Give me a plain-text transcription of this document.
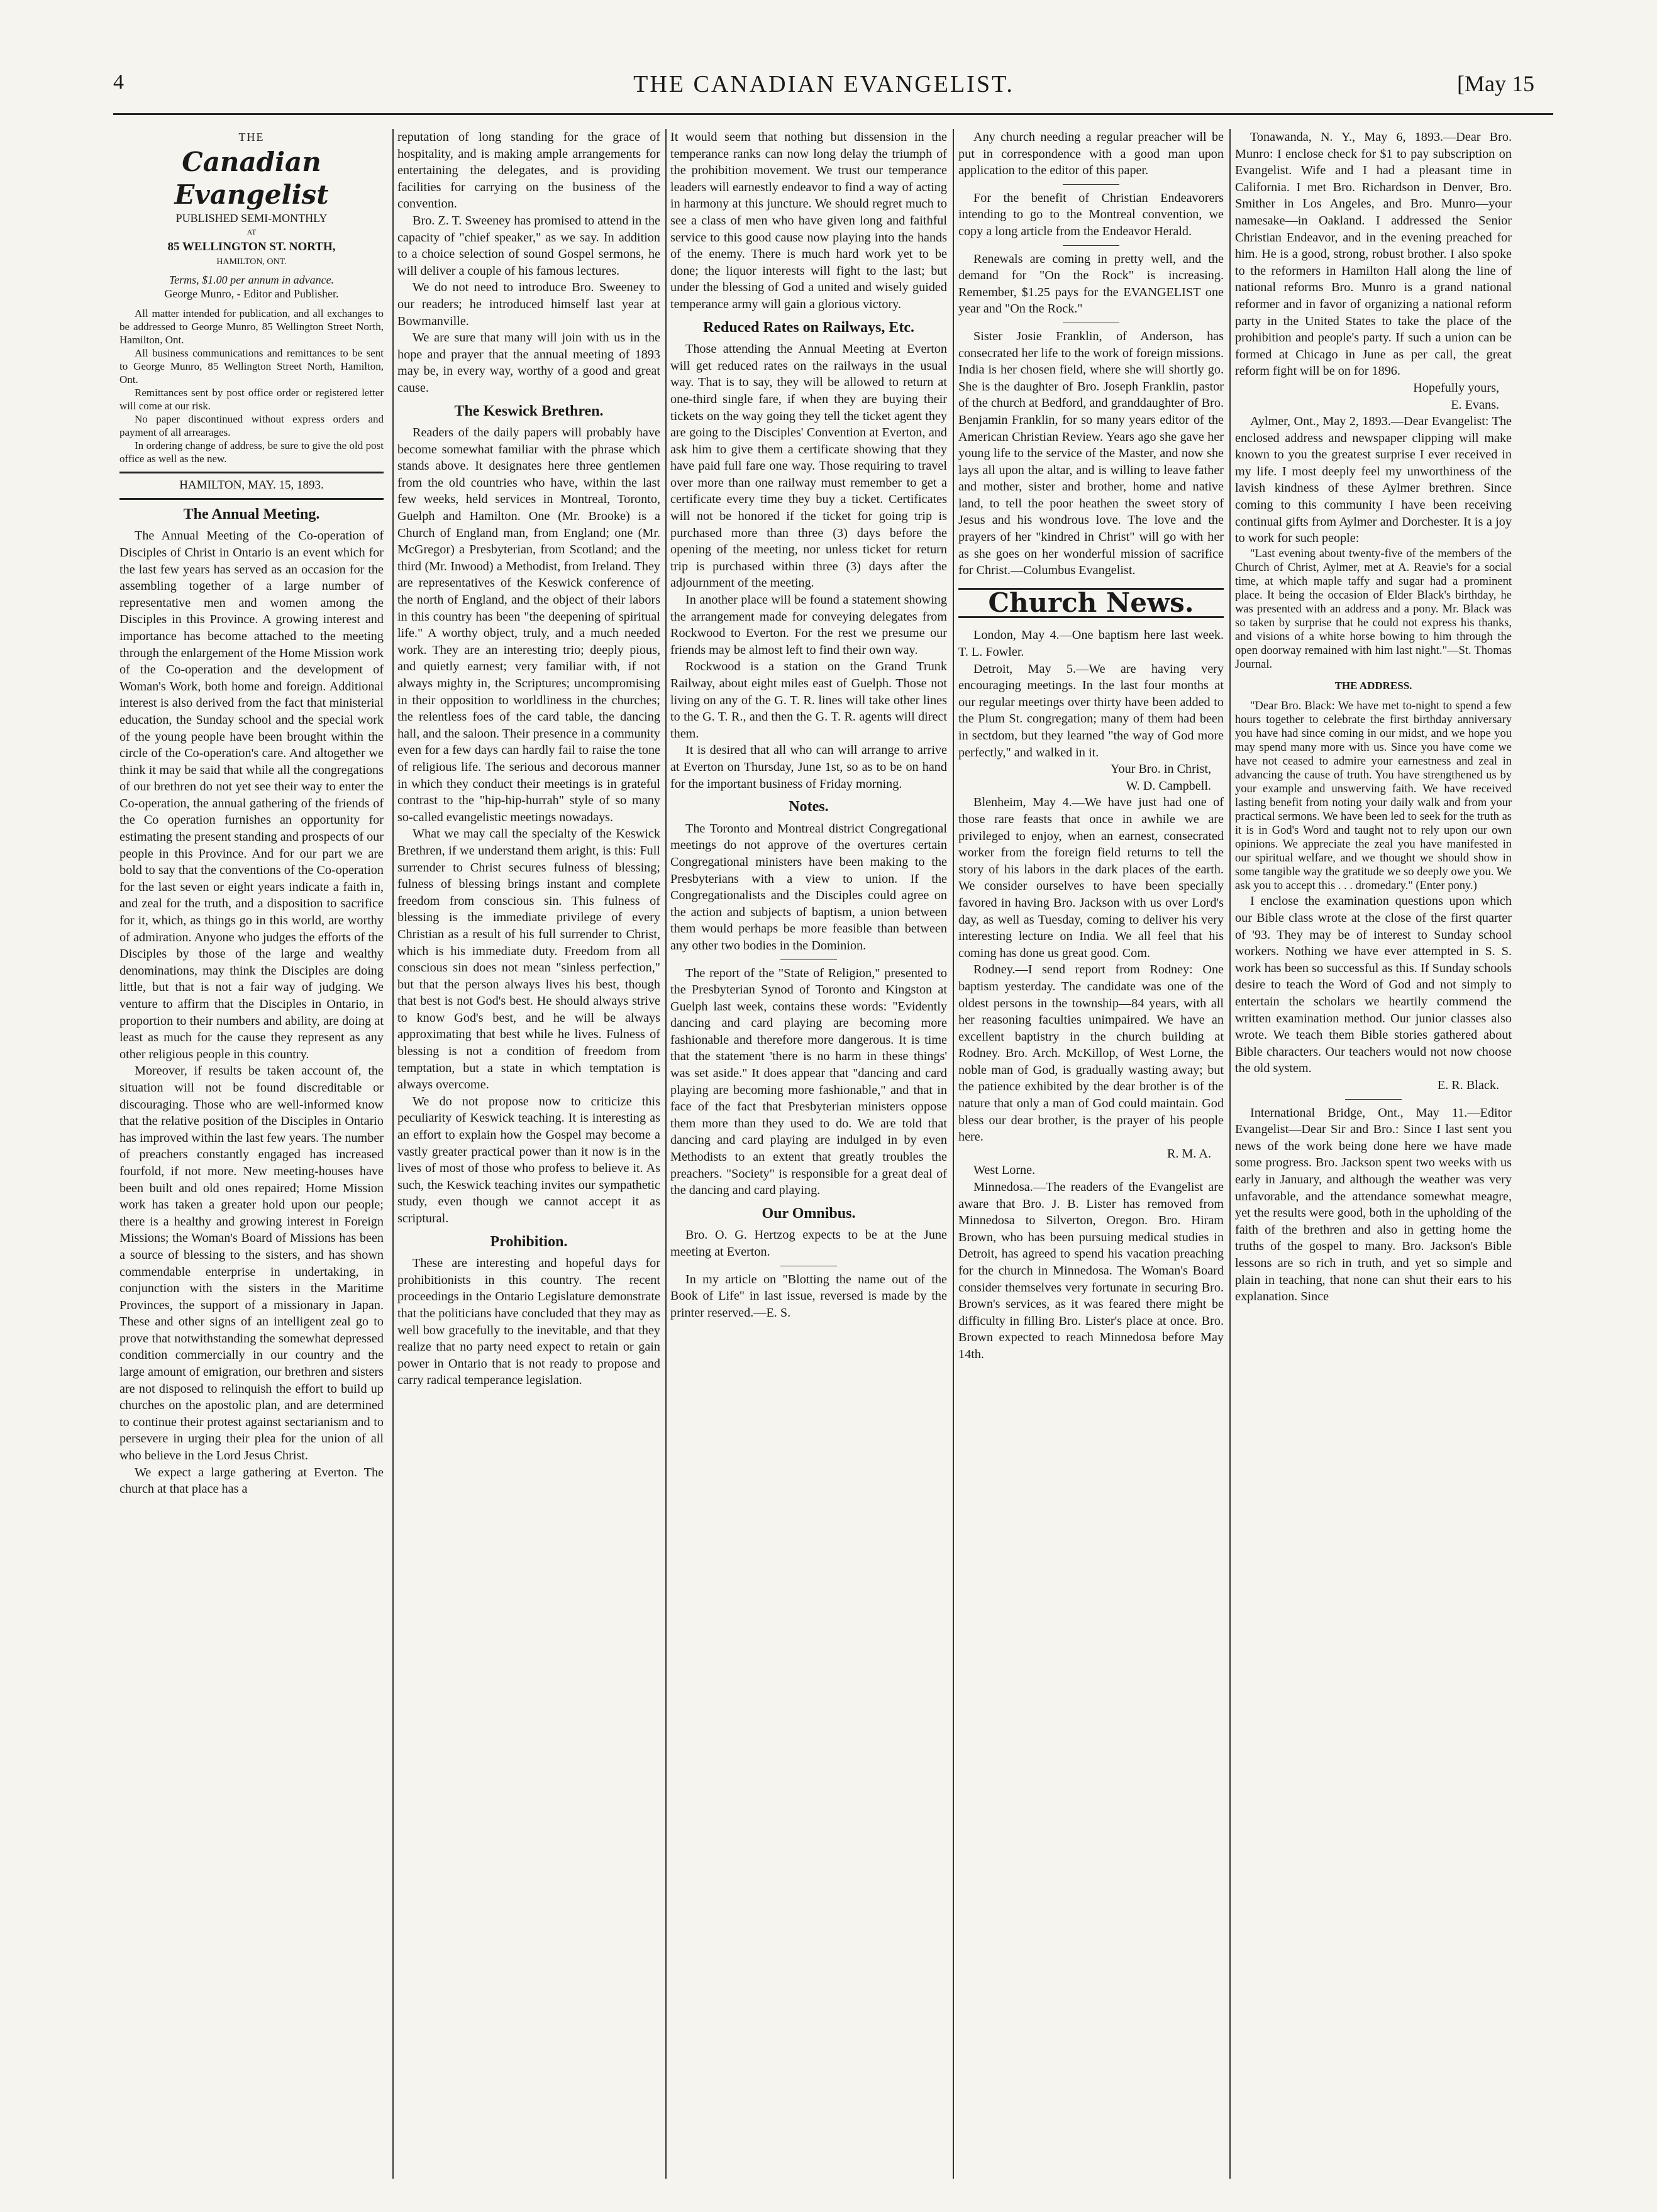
4	THE CANADIAN EVANGELIST.	[May 15
THE
Canadian Evangelist
PUBLISHED SEMI-MONTHLY
AT
85 WELLINGTON ST. NORTH,
HAMILTON, ONT.
Terms, $1.00 per annum in advance.
George Munro, - Editor and Publisher.

All matter intended for publication, and all exchanges to be addressed to George Munro, 85 Wellington Street North, Hamilton, Ont.

All business communications and remittances to be sent to George Munro, 85 Wellington Street North, Hamilton, Ont.

Remittances sent by post office order or registered letter will come at our risk.

No paper discontinued without express orders and payment of all arrearages.

In ordering change of address, be sure to give the old post office as well as the new.

HAMILTON, MAY. 15, 1893.
The Annual Meeting.

The Annual Meeting of the Co-operation of Disciples of Christ in Ontario is an event which for the last few years has served as an occasion for the assembling together of a large number of representative men and women among the Disciples in this Province. A growing interest and importance has become attached to the meeting through the enlargement of the Home Mission work of the Co-operation and the development of Woman's Work, both home and foreign. Additional interest is also derived from the fact that ministerial education, the Sunday school and the special work of the young people have been brought within the circle of the Co-operation's care. And altogether we think it may be said that while all the congregations of our brethren do not yet see their way to enter the Co-operation, the annual gathering of the friends of the Co operation furnishes an opportunity for estimating the present standing and prospects of our people in this Province. And for our part we are bold to say that the conventions of the Co-operation for the last seven or eight years indicate a faith in, and zeal for the truth, and a disposition to sacrifice for it, which, as things go in this world, are worthy of admiration. Anyone who judges the efforts of the Disciples by those of the large and wealthy denominations, may think the Disciples are doing little, but that is not a fair way of judging. We venture to affirm that the Disciples in Ontario, in proportion to their numbers and ability, are doing at least as much for the cause they represent as any other religious people in this country.

Moreover, if results be taken account of, the situation will not be found discreditable or discouraging. Those who are well-informed know that the relative position of the Disciples in Ontario has improved within the last few years. The number of preachers constantly engaged has increased fourfold, if not more. New meeting-houses have been built and old ones repaired; Home Mission work has taken a greater hold upon our people; there is a healthy and growing interest in Foreign Missions; the Woman's Board of Missions has been a source of blessing to the sisters, and has shown commendable enterprise in undertaking, in conjunction with the sisters in the Maritime Provinces, the support of a missionary in Japan. These and other signs of an intelligent zeal go to prove that notwithstanding the somewhat depressed condition commercially in our country and the large amount of emigration, our brethren and sisters are not disposed to relinquish the effort to build up churches on the apostolic plan, and are determined to continue their protest against sectarianism and to persevere in urging their plea for the union of all who believe in the Lord Jesus Christ.

We expect a large gathering at Everton. The church at that place has a

reputation of long standing for the grace of hospitality, and is making ample arrangements for entertaining the delegates, and is providing facilities for carrying on the business of the convention.

Bro. Z. T. Sweeney has promised to attend in the capacity of "chief speaker," as we say. In addition to a choice selection of sound Gospel sermons, he will deliver a couple of his famous lectures.

We do not need to introduce Bro. Sweeney to our readers; he introduced himself last year at Bowmanville.

We are sure that many will join with us in the hope and prayer that the annual meeting of 1893 may be, in every way, worthy of a good and great cause.

The Keswick Brethren.

Readers of the daily papers will probably have become somewhat familiar with the phrase which stands above. It designates here three gentlemen from the old countries who have, within the last few weeks, held services in Montreal, Toronto, Guelph and Hamilton. One (Mr. Brooke) is a Church of England man, from England; one (Mr. McGregor) a Presbyterian, from Scotland; and the third (Mr. Inwood) a Methodist, from Ireland. They are representatives of the Keswick conference of the north of England, and the object of their labors in this country has been "the deepening of spiritual life." A worthy object, truly, and a much needed work. They are an interesting trio; deeply pious, and quietly earnest; very familiar with, if not always mighty in, the Scriptures; uncompromising in their opposition to worldliness in the churches; the relentless foes of the card table, the dancing hall, and the saloon. Their presence in a community even for a few days can hardly fail to raise the tone of religious life. The serious and decorous manner in which they conduct their meetings is in grateful contrast to the "hip-hip-hurrah" style of so many so-called evangelistic meetings nowadays.

What we may call the specialty of the Keswick Brethren, if we understand them aright, is this: Full surrender to Christ secures fulness of blessing; fulness of blessing brings instant and complete freedom from conscious sin. This fulness of blessing is the immediate privilege of every Christian as a result of his full surrender to Christ, which is his immediate duty. Freedom from all conscious sin does not mean "sinless perfection," but that the person always lives his best, though that best is not God's best. He should always strive to know God's best, and he will be always approximating that best while he lives. Fulness of blessing is not a condition of freedom from temptation, but a state in which temptation is always overcome.

We do not propose now to criticize this peculiarity of Keswick teaching. It is interesting as an effort to explain how the Gospel may become a vastly greater practical power than it now is in the lives of most of those who profess to believe it. As such, the Keswick teaching invites our sympathetic study, even though we cannot accept it as scriptural.

Prohibition.

These are interesting and hopeful days for prohibitionists in this country. The recent proceedings in the Ontario Legislature demonstrate that the politicians have concluded that they may as well bow gracefully to the inevitable, and that they realize that no party need expect to retain or gain power in Ontario that is not ready to propose and carry radical temperance legislation.

It would seem that nothing but dissension in the temperance ranks can now long delay the triumph of the prohibition movement. We trust our temperance leaders will earnestly endeavor to find a way of acting in harmony at this juncture. We should regret much to see a class of men who have given long and faithful service to this good cause now playing into the hands of the enemy. There is much hard work yet to be done; the liquor interests will fight to the last; but under the blessing of God a united and wisely guided temperance army will gain a glorious victory.

Reduced Rates on Railways, Etc.

Those attending the Annual Meeting at Everton will get reduced rates on the railways in the usual way. That is to say, they will be allowed to return at one-third single fare, if when they are buying their tickets on the way going they tell the ticket agent they are going to the Disciples' Convention at Everton, and ask him to give them a certificate showing that they have paid full fare one way. Those requiring to travel over more than one railway must remember to get a certificate every time they buy a ticket. Certificates will not be honored if the ticket for going trip is purchased more than three (3) days before the opening of the meeting, nor unless ticket for return trip is purchased within three (3) days after the adjournment of the meeting.

In another place will be found a statement showing the arrangement made for conveying delegates from Rockwood to Everton. For the rest we presume our friends may be almost left to find their own way.

Rockwood is a station on the Grand Trunk Railway, about eight miles east of Guelph. Those not living on any of the G. T. R. lines will take other lines to the G. T. R., and then the G. T. R. agents will direct them.

It is desired that all who can will arrange to arrive at Everton on Thursday, June 1st, so as to be on hand for the important business of Friday morning.

Notes.

The Toronto and Montreal district Congregational meetings do not approve of the overtures certain Congregational ministers have been making to the Presbyterians with a view to union. If the Congregationalists and the Disciples could agree on the action and subjects of baptism, a union between them would perhaps be more feasible than between any other two bodies in the Dominion.

The report of the "State of Religion," presented to the Presbyterian Synod of Toronto and Kingston at Guelph last week, contains these words: "Evidently dancing and card playing are becoming more fashionable and therefore more dangerous. It is time that the statement 'there is no harm in these things' was set aside." It does appear that "dancing and card playing are becoming more fashionable," and that in face of the fact that Presbyterian ministers oppose them more than they used to do. We are told that dancing and card playing are indulged in by even Methodists to an extent that greatly troubles the preachers. "Society" is responsible for a great deal of the dancing and card playing.

Our Omnibus.

Bro. O. G. Hertzog expects to be at the June meeting at Everton.

In my article on "Blotting the name out of the Book of Life" in last issue, reversed is made by the printer reserved.—E. S.

Any church needing a regular preacher will be put in correspondence with a good man upon application to the editor of this paper.

For the benefit of Christian Endeavorers intending to go to the Montreal convention, we copy a long article from the Endeavor Herald.

Renewals are coming in pretty well, and the demand for "On the Rock" is increasing. Remember, $1.25 pays for the EVANGELIST one year and "On the Rock."

Sister Josie Franklin, of Anderson, has consecrated her life to the work of foreign missions. India is her chosen field, where she will shortly go. She is the daughter of Bro. Joseph Franklin, pastor of the church at Bedford, and granddaughter of Bro. Benjamin Franklin, for so many years editor of the American Christian Review. Years ago she gave her young life to the service of the Master, and now she lays all upon the altar, and is willing to leave father and mother, sister and brother, home and native land, to tell the poor heathen the sweet story of Jesus and his wondrous love. The love and the prayers of her "kindred in Christ" will go with her as she goes on her wonderful mission of sacrifice for Christ.—Columbus Evangelist.

Church News.

London, May 4.—One baptism here last week. T. L. Fowler.

Detroit, May 5.—We are having very encouraging meetings. In the last four months at our regular meetings over thirty have been added to the Plum St. congregation; many of them had been in sectdom, but they learned "the way of God more perfectly," and walked in it.

Your Bro. in Christ,

W. D. Campbell.

Blenheim, May 4.—We have just had one of those rare feasts that once in awhile we are privileged to enjoy, when an earnest, consecrated worker from the foreign field returns to tell the story of his labors in the dark places of the earth. We consider ourselves to have been specially favored in having Bro. Jackson with us over Lord's day, as well as Tuesday, coming to deliver his very interesting lecture on India. We all feel that his coming has done us great good. Com.

Rodney.—I send report from Rodney: One baptism yesterday. The candidate was one of the oldest persons in the township—84 years, with all her reasoning faculties unimpaired. We have an excellent baptistry in the church building at Rodney. Bro. Arch. McKillop, of West Lorne, the noble man of God, is gradually wasting away; but the patience exhibited by the dear brother is of the nature that only a man of God could maintain. God bless our dear brother, is the prayer of his people here.

R. M. A.

West Lorne.

Minnedosa.—The readers of the Evangelist are aware that Bro. J. B. Lister has removed from Minnedosa to Silverton, Oregon. Bro. Hiram Brown, who has been pursuing medical studies in Detroit, has agreed to spend his vacation preaching for the church in Minnedosa. The Woman's Board consider themselves very fortunate in securing Bro. Brown's services, as it was feared there might be difficulty in filling Bro. Lister's place at once. Bro. Brown expected to reach Minnedosa before May 14th.

Tonawanda, N. Y., May 6, 1893.—Dear Bro. Munro: I enclose check for $1 to pay subscription on Evangelist. Wife and I had a pleasant time in California. I met Bro. Richardson in Denver, Bro. Smither in Los Angeles, and Bro. Munro—your namesake—in Oakland. I addressed the Senior Christian Endeavor, and in the evening preached for him. He is a good, strong, robust brother. I also spoke to the reformers in Hamilton Hall along the line of national reforms Bro. Munro is a grand national reformer and in favor of organizing a national reform party in the United States to take the place of the prohibition and people's party. If such a union can be formed at Chicago in June as per call, the great reform fight will be on for 1896.

Hopefully yours,

E. Evans.

Aylmer, Ont., May 2, 1893.—Dear Evangelist: The enclosed address and newspaper clipping will make known to you the greatest surprise I ever received in my life. I most deeply feel my unworthiness of the lavish kindness of these Aylmer brethren. Since coming to this community I have been receiving continual gifts from Aylmer and Dorchester. It is a joy to work for such people:

"Last evening about twenty-five of the members of the Church of Christ, Aylmer, met at A. Reavie's for a social time, at which maple taffy and sugar had a prominent place. It being the occasion of Elder Black's birthday, he was presented with an address and a pony. Mr. Black was so taken by surprise that he could not express his thanks, and visions of a white horse bowing to him through the open doorway remained with him last night."—St. Thomas Journal.

THE ADDRESS.

"Dear Bro. Black: We have met to-night to spend a few hours together to celebrate the first birthday anniversary you have had since coming in our midst, and we hope you may spend many more with us. Since you have come we have not ceased to admire your earnestness and zeal in advancing the cause of truth. You have strengthened us by your example and unswerving faith. We have received lasting benefit from noting your daily walk and from your practical sermons. We have been led to seek for the truth as it is in God's Word and taught not to rely upon our own opinions. We appreciate the zeal you have manifested in our spiritual welfare, and we thought we should show in some tangible way the gratitude we so deeply owe you. We ask you to accept this . . . dromedary." (Enter pony.)

I enclose the examination questions upon which our Bible class wrote at the close of the first quarter of '93. They may be of interest to Sunday school workers. Nothing we have ever attempted in S. S. work has been so successful as this. If Sunday schools desire to teach the Word of God and not simply to entertain the scholars we heartily commend the written examination method. Our junior classes also wrote. We teach them Bible stories gathered about Bible characters. Our teachers would not now choose the old system.

E. R. Black.

International Bridge, Ont., May 11.—Editor Evangelist—Dear Sir and Bro.: Since I last sent you news of the work being done here we have made some progress. Bro. Jackson spent two weeks with us early in January, and although the weather was very unfavorable, and the attendance somewhat meagre, yet the results were good, both in the upholding of the faith of the brethren and also in getting home the truths of the gospel to many. Bro. Jackson's Bible lessons are so rich in truth, and yet so simple and plain in teaching, that none can shut their ears to his explanation. Since
